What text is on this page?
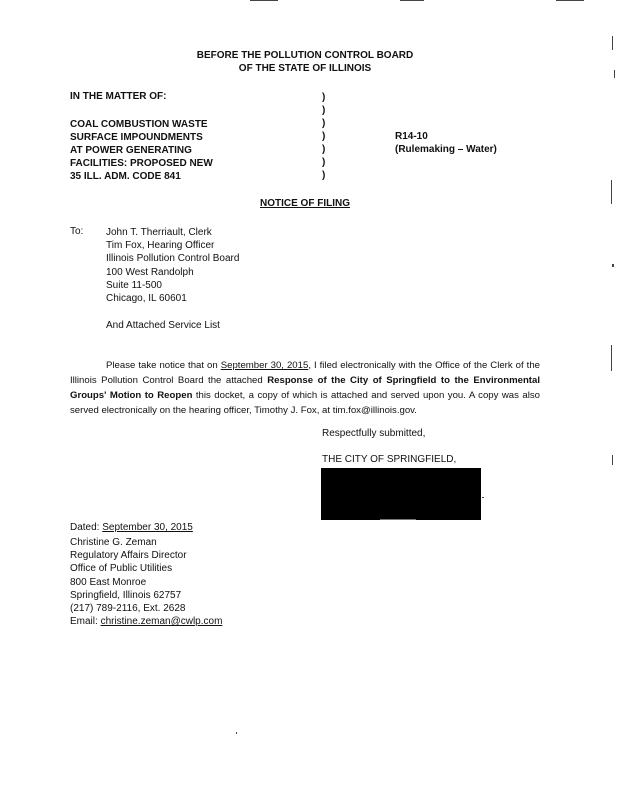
BEFORE THE POLLUTION CONTROL BOARD
OF THE STATE OF ILLINOIS
IN THE MATTER OF:
COAL COMBUSTION WASTE
SURFACE IMPOUNDMENTS
AT POWER GENERATING
FACILITIES: PROPOSED NEW
35 ILL. ADM. CODE 841
)
)
)
)
)
)
)
R14-10
(Rulemaking – Water)
NOTICE OF FILING
To: John T. Therriault, Clerk
Tim Fox, Hearing Officer
Illinois Pollution Control Board
100 West Randolph
Suite 11-500
Chicago, IL 60601
And Attached Service List

Please take notice that on September 30, 2015, I filed electronically with the Office of the Clerk of the Illinois Pollution Control Board the attached Response of the City of Springfield to the Environmental Groups' Motion to Reopen this docket, a copy of which is attached and served upon you. A copy was also served electronically on the hearing officer, Timothy J. Fox, at tim.fox@illinois.gov.

Respectfully submitted,
THE CITY OF SPRINGFIELD,
Dated: September 30, 2015
Christine G. Zeman
Regulatory Affairs Director
Office of Public Utilities
800 East Monroe
Springfield, Illinois 62757
(217) 789-2116, Ext. 2628
Email: christine.zeman@cwlp.com
